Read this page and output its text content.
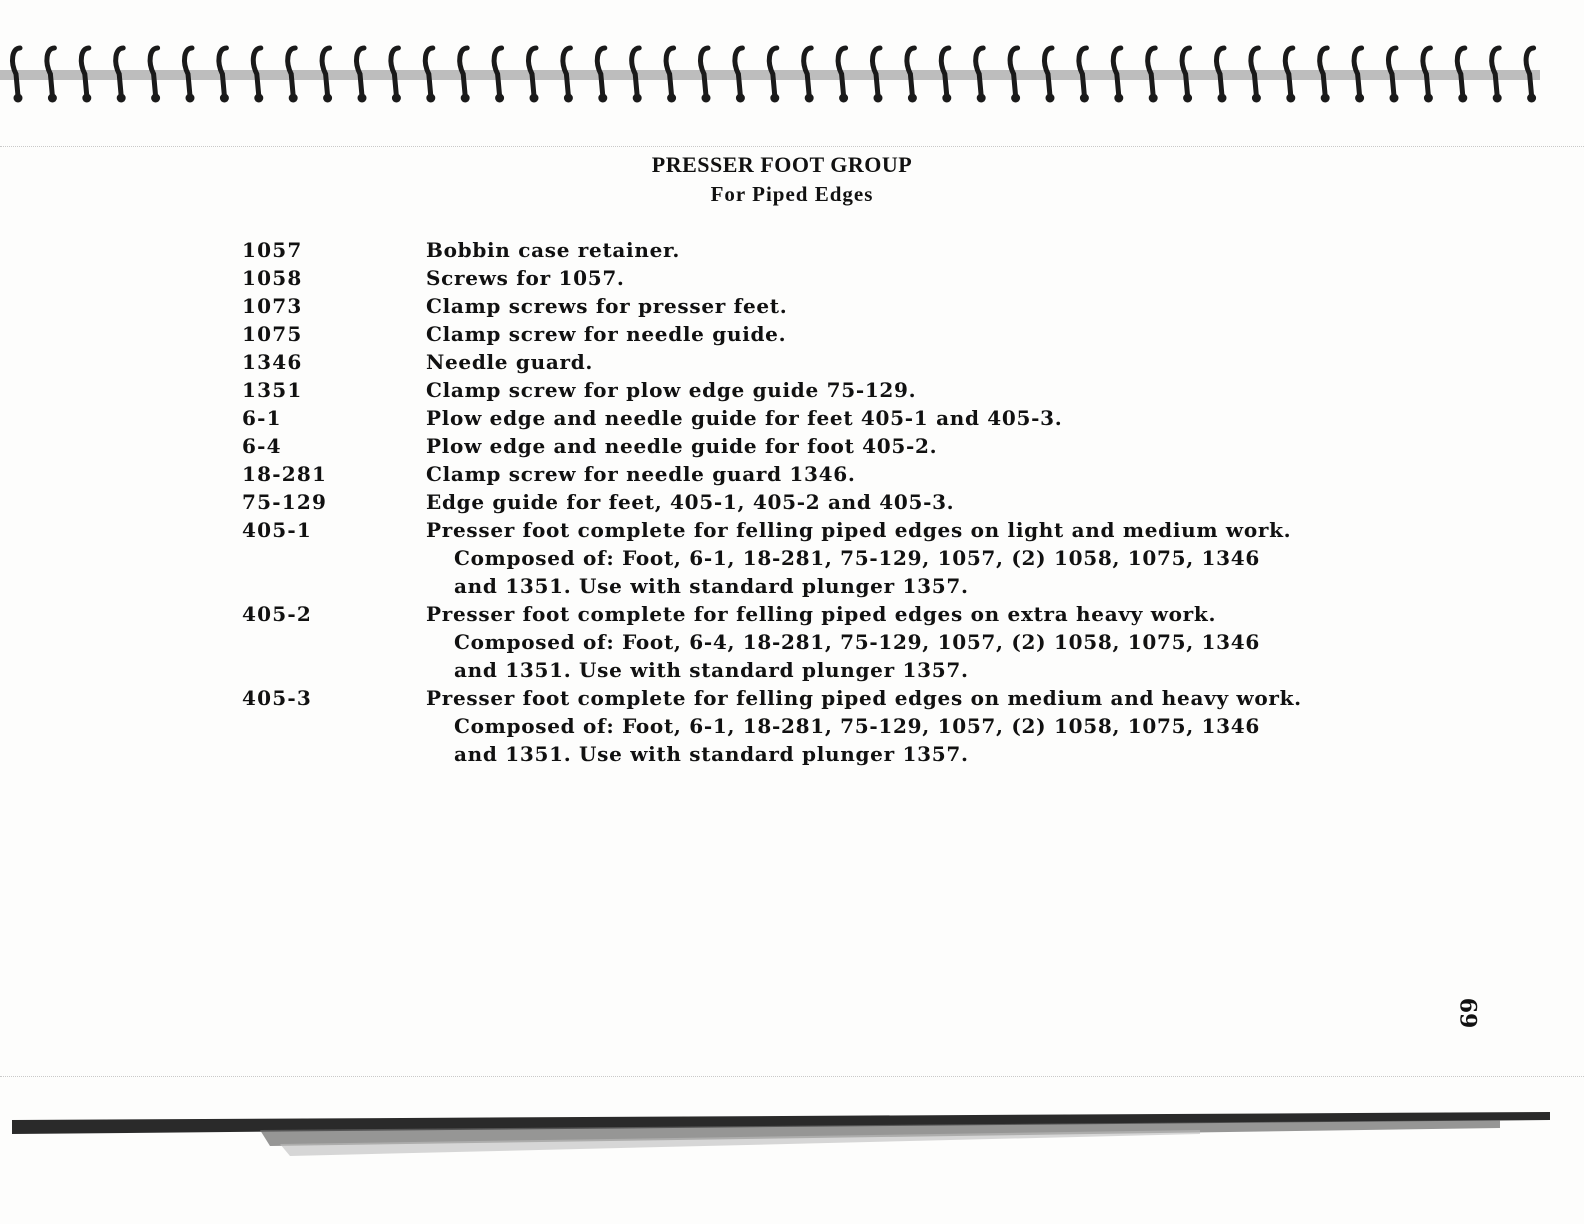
PRESSER FOOT GROUP
For Piped Edges
1057	Bobbin case retainer.
1058	Screws for 1057.
1073	Clamp screws for presser feet.
1075	Clamp screw for needle guide.
1346	Needle guard.
1351	Clamp screw for plow edge guide 75-129.
6-1	Plow edge and needle guide for feet 405-1 and 405-3.
6-4	Plow edge and needle guide for foot 405-2.
18-281	Clamp screw for needle guard 1346.
75-129	Edge guide for feet, 405-1, 405-2 and 405-3.
405-1	Presser foot complete for felling piped edges on light and medium work.
Composed of: Foot, 6-1, 18-281, 75-129, 1057, (2) 1058, 1075, 1346
and 1351. Use with standard plunger 1357.
405-2	Presser foot complete for felling piped edges on extra heavy work.
Composed of: Foot, 6-4, 18-281, 75-129, 1057, (2) 1058, 1075, 1346
and 1351. Use with standard plunger 1357.
405-3	Presser foot complete for felling piped edges on medium and heavy work.
Composed of: Foot, 6-1, 18-281, 75-129, 1057, (2) 1058, 1075, 1346
and 1351. Use with standard plunger 1357.
69
